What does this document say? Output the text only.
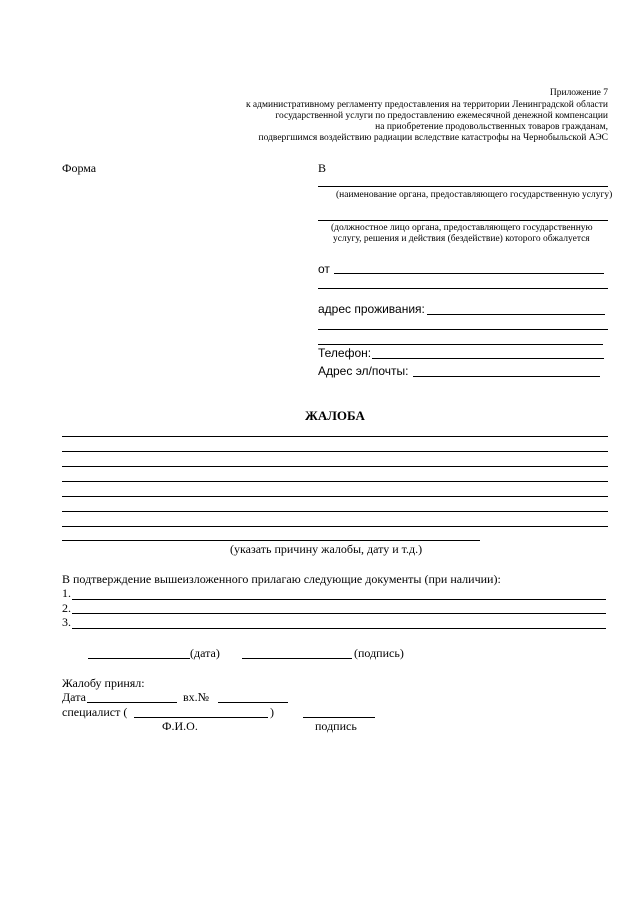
Приложение 7
к административному регламенту предоставления на территории Ленинградской области
государственной услуги по предоставлению ежемесячной денежной компенсации
на приобретение продовольственных товаров гражданам,
подвергшимся воздействию радиации вследствие катастрофы на Чернобыльской АЭС
Форма	В
(наименование органа, предоставляющего государственную услугу)
(должностное лицо органа, предоставляющего государственную
услугу, решения и действия (бездействие) которого обжалуется
от
адрес проживания:
Телефон:
Адрес эл/почты:
ЖАЛОБА
(указать причину жалобы, дату и т.д.)
В подтверждение вышеизложенного прилагаю следующие документы (при наличии):
1.
2.
3.
(дата)	(подпись)
Жалобу принял:
Дата	вх.№
специалист (	)
Ф.И.О.	подпись
